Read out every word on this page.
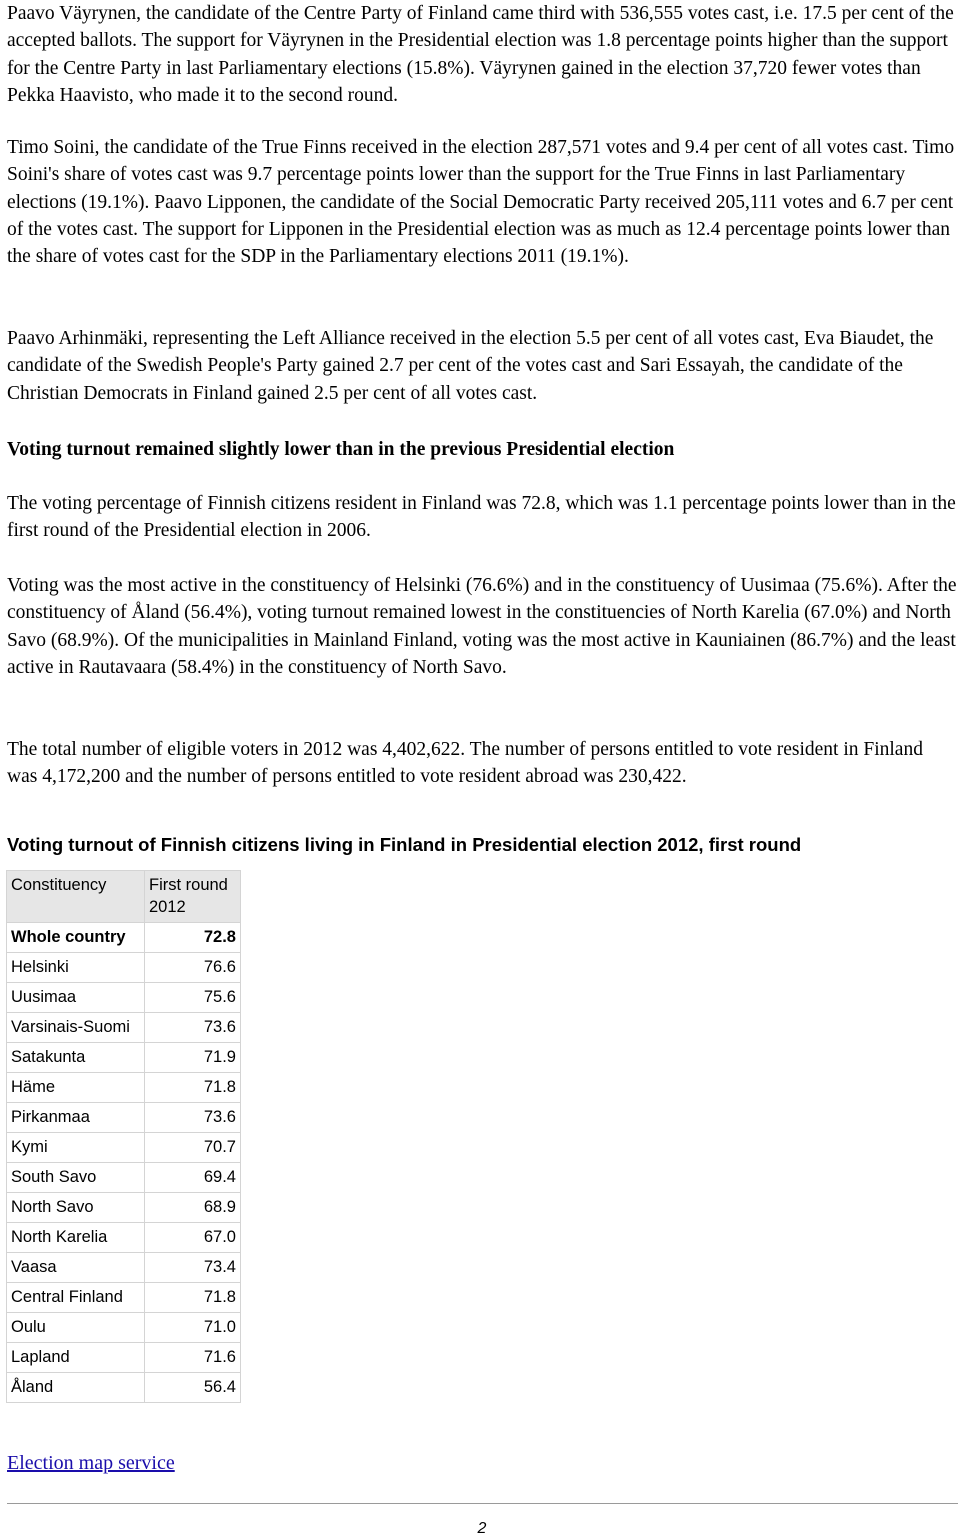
Paavo Väyrynen, the candidate of the Centre Party of Finland came third with 536,555 votes cast, i.e. 17.5 per cent of the accepted ballots. The support for Väyrynen in the Presidential election was 1.8 percentage points higher than the support for the Centre Party in last Parliamentary elections (15.8%). Väyrynen gained in the election 37,720 fewer votes than Pekka Haavisto, who made it to the second round.

Timo Soini, the candidate of the True Finns received in the election 287,571 votes and 9.4 per cent of all votes cast. Timo Soini's share of votes cast was 9.7 percentage points lower than the support for the True Finns in last Parliamentary elections (19.1%). Paavo Lipponen, the candidate of the Social Democratic Party received 205,111 votes and 6.7 per cent of the votes cast. The support for Lipponen in the Presidential election was as much as 12.4 percentage points lower than the share of votes cast for the SDP in the Parliamentary elections 2011 (19.1%).

Paavo Arhinmäki, representing the Left Alliance received in the election 5.5 per cent of all votes cast, Eva Biaudet, the candidate of the Swedish People's Party gained 2.7 per cent of the votes cast and Sari Essayah, the candidate of the Christian Democrats in Finland gained 2.5 per cent of all votes cast.

Voting turnout remained slightly lower than in the previous Presidential election

The voting percentage of Finnish citizens resident in Finland was 72.8, which was 1.1 percentage points lower than in the first round of the Presidential election in 2006.

Voting was the most active in the constituency of Helsinki (76.6%) and in the constituency of Uusimaa (75.6%). After the constituency of Åland (56.4%), voting turnout remained lowest in the constituencies of North Karelia (67.0%) and North Savo (68.9%). Of the municipalities in Mainland Finland, voting was the most active in Kauniainen (86.7%) and the least active in Rautavaara (58.4%) in the constituency of North Savo.

The total number of eligible voters in 2012 was 4,402,622. The number of persons entitled to vote resident in Finland was 4,172,200 and the number of persons entitled to vote resident abroad was 230,422.

Voting turnout of Finnish citizens living in Finland in Presidential election 2012, first round
Constituency	First round 2012
Whole country	72.8
Helsinki	76.6
Uusimaa	75.6
Varsinais-Suomi	73.6
Satakunta	71.9
Häme	71.8
Pirkanmaa	73.6
Kymi	70.7
South Savo	69.4
North Savo	68.9
North Karelia	67.0
Vaasa	73.4
Central Finland	71.8
Oulu	71.0
Lapland	71.6
Åland	56.4
Election map service
2
